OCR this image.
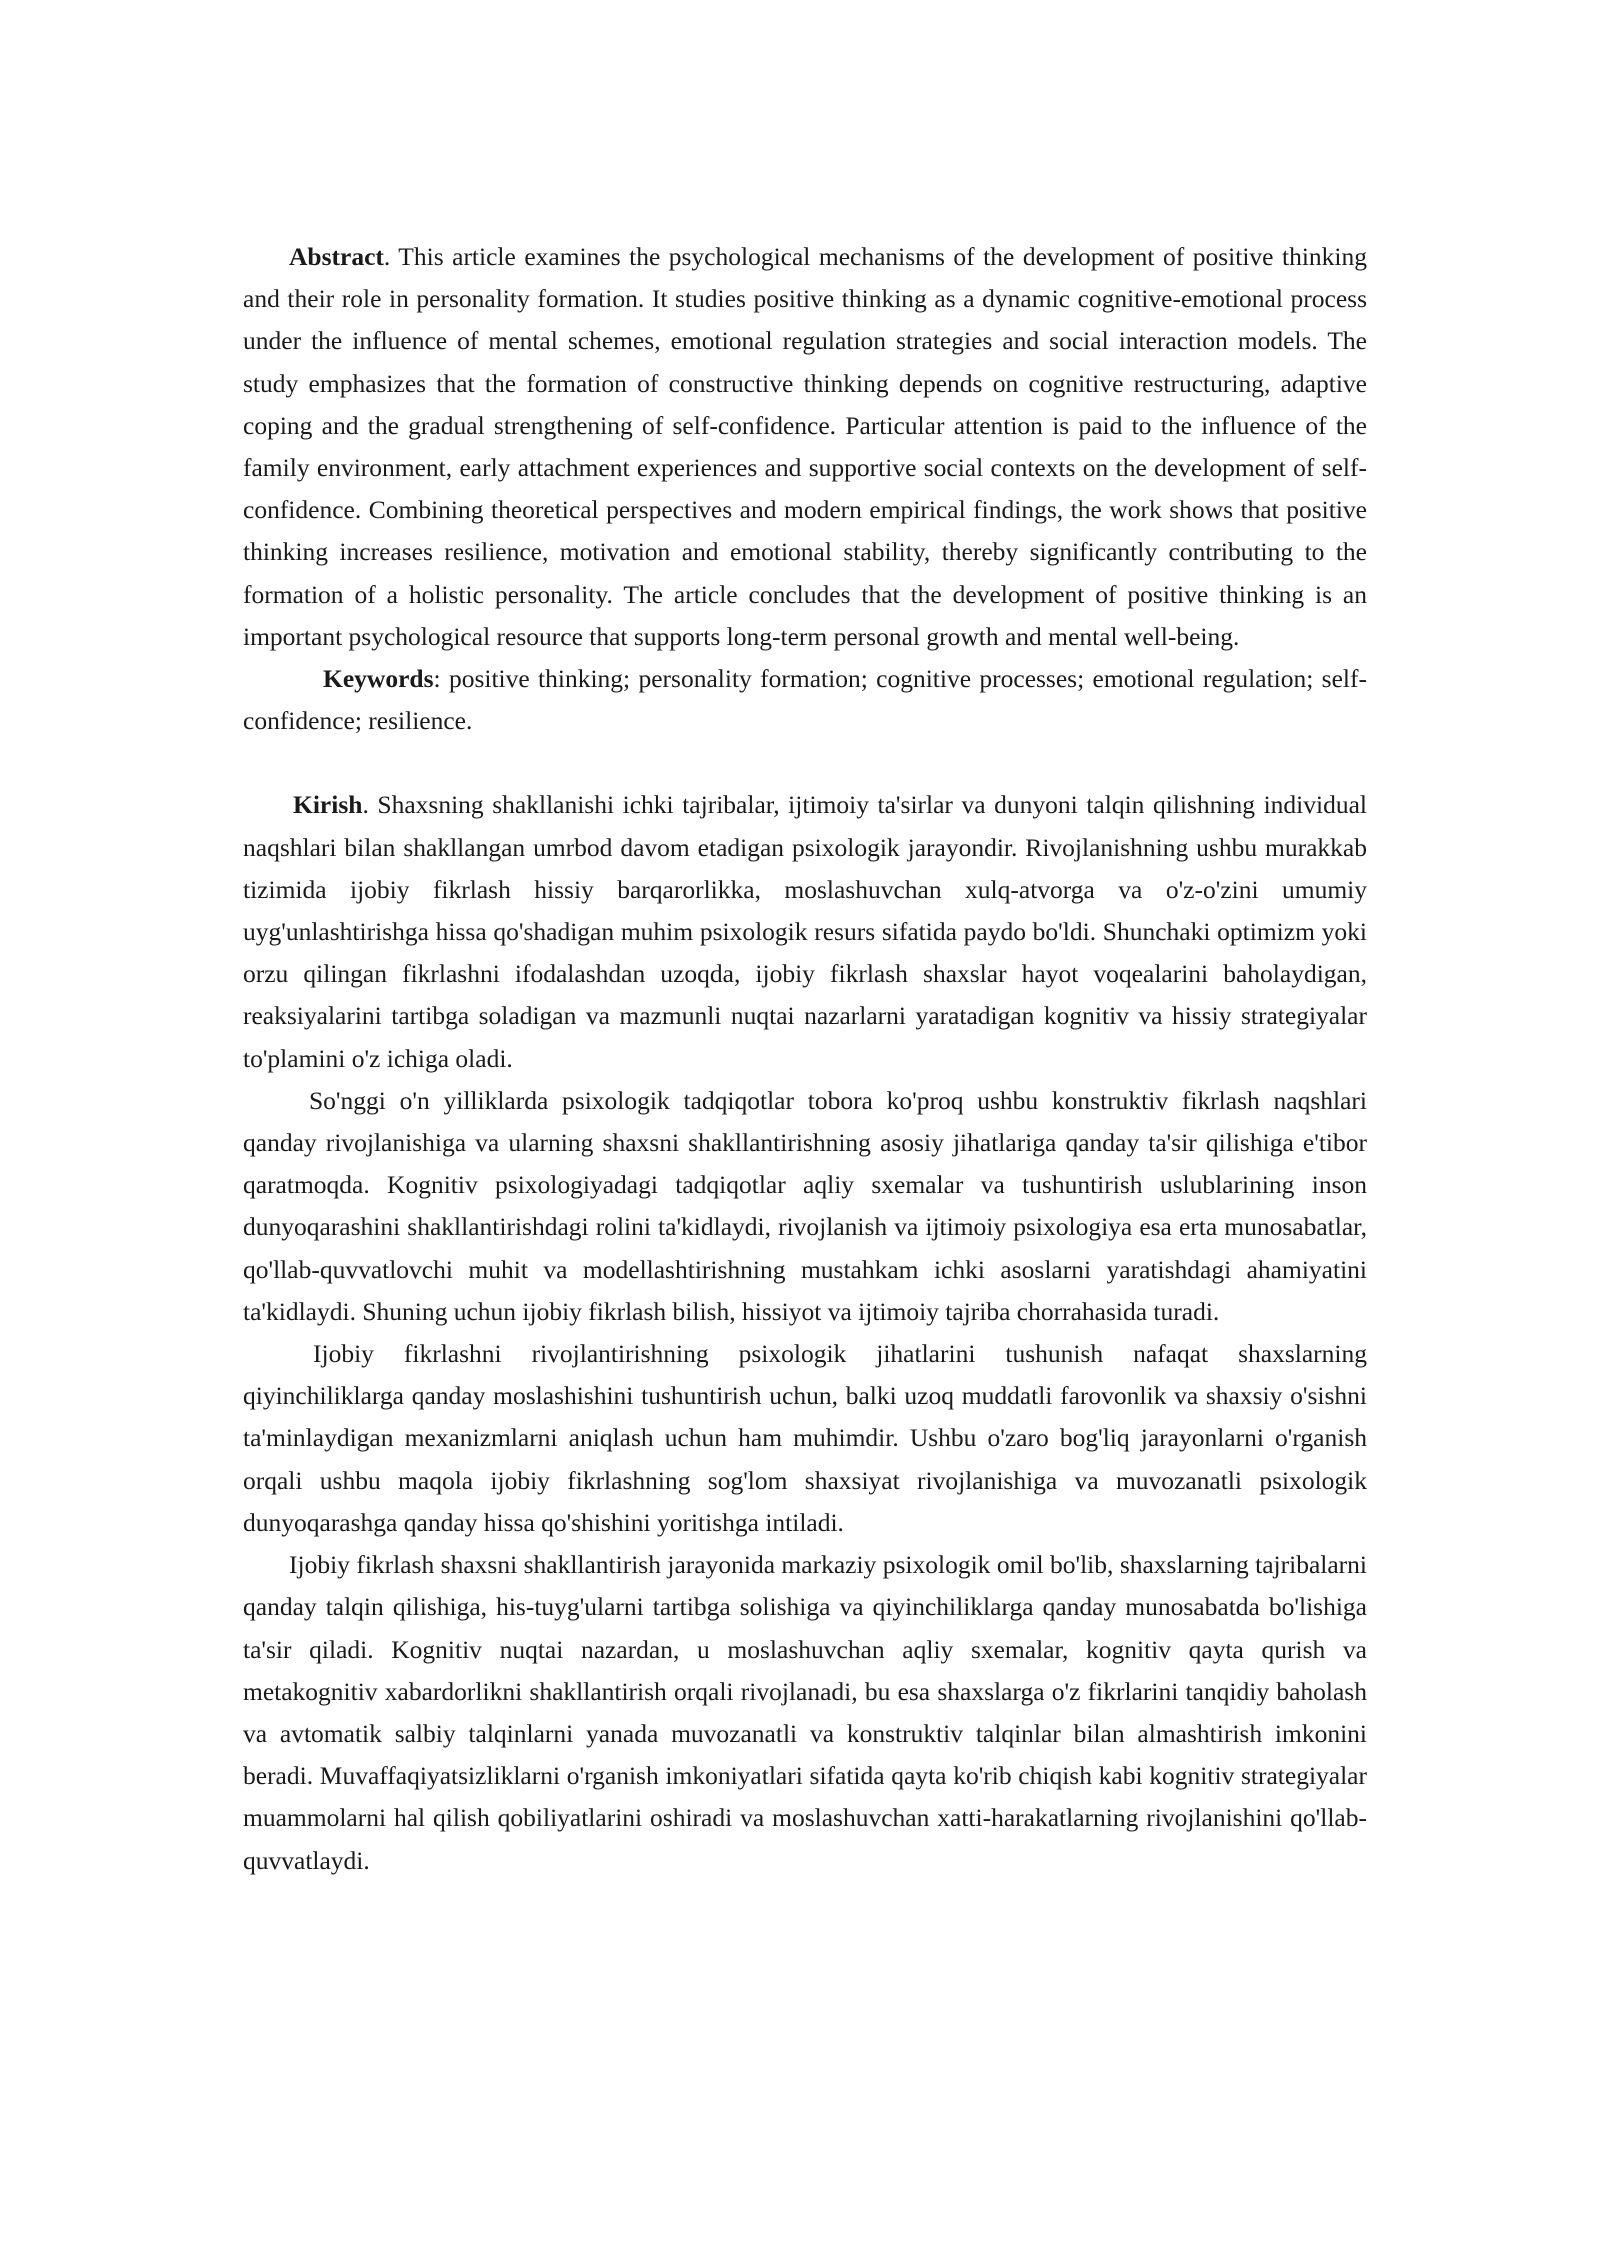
Abstract. This article examines the psychological mechanisms of the development of positive thinking and their role in personality formation. It studies positive thinking as a dynamic cognitive-emotional process under the influence of mental schemes, emotional regulation strategies and social interaction models. The study emphasizes that the formation of constructive thinking depends on cognitive restructuring, adaptive coping and the gradual strengthening of self-confidence. Particular attention is paid to the influence of the family environment, early attachment experiences and supportive social contexts on the development of self-confidence. Combining theoretical perspectives and modern empirical findings, the work shows that positive thinking increases resilience, motivation and emotional stability, thereby significantly contributing to the formation of a holistic personality. The article concludes that the development of positive thinking is an important psychological resource that supports long-term personal growth and mental well-being.

Keywords: positive thinking; personality formation; cognitive processes; emotional regulation; self-confidence; resilience.

Kirish. Shaxsning shakllanishi ichki tajribalar, ijtimoiy ta'sirlar va dunyoni talqin qilishning individual naqshlari bilan shakllangan umrbod davom etadigan psixologik jarayondir. Rivojlanishning ushbu murakkab tizimida ijobiy fikrlash hissiy barqarorlikka, moslashuvchan xulq-atvorga va o'z-o'zini umumiy uyg'unlashtirishga hissa qo'shadigan muhim psixologik resurs sifatida paydo bo'ldi. Shunchaki optimizm yoki orzu qilingan fikrlashni ifodalashdan uzoqda, ijobiy fikrlash shaxslar hayot voqealarini baholaydigan, reaksiyalarini tartibga soladigan va mazmunli nuqtai nazarlarni yaratadigan kognitiv va hissiy strategiyalar to'plamini o'z ichiga oladi.

So'nggi o'n yilliklarda psixologik tadqiqotlar tobora ko'proq ushbu konstruktiv fikrlash naqshlari qanday rivojlanishiga va ularning shaxsni shakllantirishning asosiy jihatlariga qanday ta'sir qilishiga e'tibor qaratmoqda. Kognitiv psixologiyadagi tadqiqotlar aqliy sxemalar va tushuntirish uslublarining inson dunyoqarashini shakllantirishdagi rolini ta'kidlaydi, rivojlanish va ijtimoiy psixologiya esa erta munosabatlar, qo'llab-quvvatlovchi muhit va modellashtirishning mustahkam ichki asoslarni yaratishdagi ahamiyatini ta'kidlaydi. Shuning uchun ijobiy fikrlash bilish, hissiyot va ijtimoiy tajriba chorrahasida turadi.

Ijobiy fikrlashni rivojlantirishning psixologik jihatlarini tushunish nafaqat shaxslarning qiyinchiliklarga qanday moslashishini tushuntirish uchun, balki uzoq muddatli farovonlik va shaxsiy o'sishni ta'minlaydigan mexanizmlarni aniqlash uchun ham muhimdir. Ushbu o'zaro bog'liq jarayonlarni o'rganish orqali ushbu maqola ijobiy fikrlashning sog'lom shaxsiyat rivojlanishiga va muvozanatli psixologik dunyoqarashga qanday hissa qo'shishini yoritishga intiladi.

Ijobiy fikrlash shaxsni shakllantirish jarayonida markaziy psixologik omil bo'lib, shaxslarning tajribalarni qanday talqin qilishiga, his-tuyg'ularni tartibga solishiga va qiyinchiliklarga qanday munosabatda bo'lishiga ta'sir qiladi. Kognitiv nuqtai nazardan, u moslashuvchan aqliy sxemalar, kognitiv qayta qurish va metakognitiv xabardorlikni shakllantirish orqali rivojlanadi, bu esa shaxslarga o'z fikrlarini tanqidiy baholash va avtomatik salbiy talqinlarni yanada muvozanatli va konstruktiv talqinlar bilan almashtirish imkonini beradi. Muvaffaqiyatsizliklarni o'rganish imkoniyatlari sifatida qayta ko'rib chiqish kabi kognitiv strategiyalar muammolarni hal qilish qobiliyatlarini oshiradi va moslashuvchan xatti-harakatlarning rivojlanishini qo'llab-quvvatlaydi.
